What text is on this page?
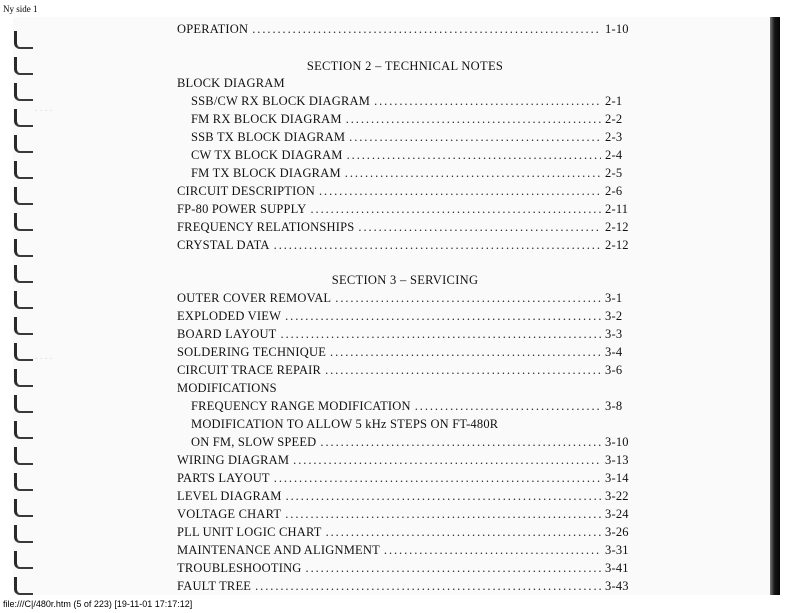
Ny side 1
. . . .
. . . .
OPERATION . . .	1-10
SECTION 2 – TECHNICAL NOTES
BLOCK DIAGRAM
SSB/CW RX BLOCK DIAGRAM . . .	2-1
FM RX BLOCK DIAGRAM . . .	2-2
SSB TX BLOCK DIAGRAM . . .	2-3
CW TX BLOCK DIAGRAM . . .	2-4
FM TX BLOCK DIAGRAM . . .	2-5
CIRCUIT DESCRIPTION . . .	2-6
FP-80 POWER SUPPLY . . .	2-11
FREQUENCY RELATIONSHIPS . . .	2-12
CRYSTAL DATA . . .	2-12
SECTION 3 – SERVICING
OUTER COVER REMOVAL . . .	3-1
EXPLODED VIEW . . .	3-2
BOARD LAYOUT . . .	3-3
SOLDERING TECHNIQUE . . .	3-4
CIRCUIT TRACE REPAIR . . .	3-6
MODIFICATIONS
FREQUENCY RANGE MODIFICATION . . .	3-8
MODIFICATION TO ALLOW 5 kHz STEPS ON FT-480R
ON FM, SLOW SPEED . . .	3-10
WIRING DIAGRAM . . .	3-13
PARTS LAYOUT . . .	3-14
LEVEL DIAGRAM . . .	3-22
VOLTAGE CHART . . .	3-24
PLL UNIT LOGIC CHART . . .	3-26
MAINTENANCE AND ALIGNMENT . . .	3-31
TROUBLESHOOTING . . .	3-41
FAULT TREE . . .	3-43
file:///C|/480r.htm (5 of 223) [19-11-01 17:17:12]
